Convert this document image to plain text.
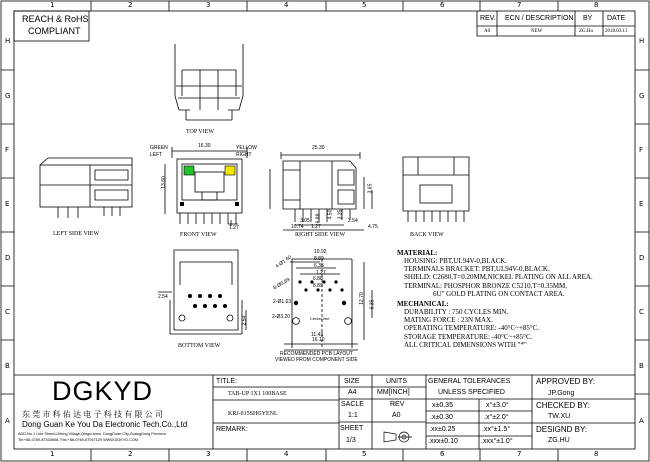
1	2	3	4	5	6	7	8
1	2	3	4	5	6	7	8
H
G
F
E
D
C
B
A
H
G
F
E
D
C
B
A
REACH & RoHS
COMPLIANT
REV. ECN / DESCRIPTION BY DATE
A0	NEW	ZG.Hu 2018.03.13
TOP VIEW
LEFT SIDE VIEW	FRONT VIEW	RIGHT SIDE VIEW	BACK VIEW
BOTTOM VIEW
RECOMMENDED PCB LAYOUT
VIEWED FROM COMPONENT SIDE
GREEN
LEFT
YELLOW
RIGHT
16.30
13.60
1.27
25.30
3.05
10.74
6.88 4.50
2.54
4.75
1.27
3.35
3.65
2.54
2.54
10.92
8.89
6.35
1.27
6.88
8.89
4-Ø1.60
8-Ø0.89
2-Ø1.63
2-Ø3.20
11.43
16.10
12.70 6.35
Center line
MATERIAL:
HOUSING: PBT,UL94V-0,BLACK.
TERMINALS BRACKET: PBT,UL94V-0,BLACK.
SHIELD: C2680,T=0.20MM,NICKEL PLATING ON ALL AREA.
TERMINAL: PHOSPHOR BRONZE C5210,T=0.35MM,
6U" GOLD PLATING ON CONTACT AREA.
MECHANICAL:
DURABILITY : 750 CYCLES MIN.
MATING FORCE : 23N MAX.
OPERATING TEMPERATURE: -40°C~+85°C.
STORAGE TEMPERATURE: -40°C~+85°C.
ALL CRITICAL DIMENSIONS WITH "*"
DGKYD
东 莞 市 科 佑 达 电 子 科 技 有 限 公 司
Dong Guan Ke You Da Electronic Tech.Co.,Ltd
ADD:No.1 Lirle Street,LiHeng Village,Qingxi town, DongGuan City,GuangDong Province
Tel:+86-0769-87334608, Fax:+86-0769-87947129 WWW.DGKYD.COM
TITLE:
TAB-UP 1X1 100BASE
KRJ-015SHGYENL
REMARK:
SIZE
A4
UNITS
MM[INCH]
SACLE
1:1
REV
A0
SHEET
1/3
GENERAL TOLERANCES
UNLESS SPECIFIED
x±0.35	x°±3.0°
.x±0.30	.x°±2.0°
.xx±0.25	.xx°±1.5°
.xxx±0.10	.xxx°±1.0°
APPROVED BY:
JP.Gong
CHECKED BY:
TW.XU
DESIGND BY:
ZG.HU
